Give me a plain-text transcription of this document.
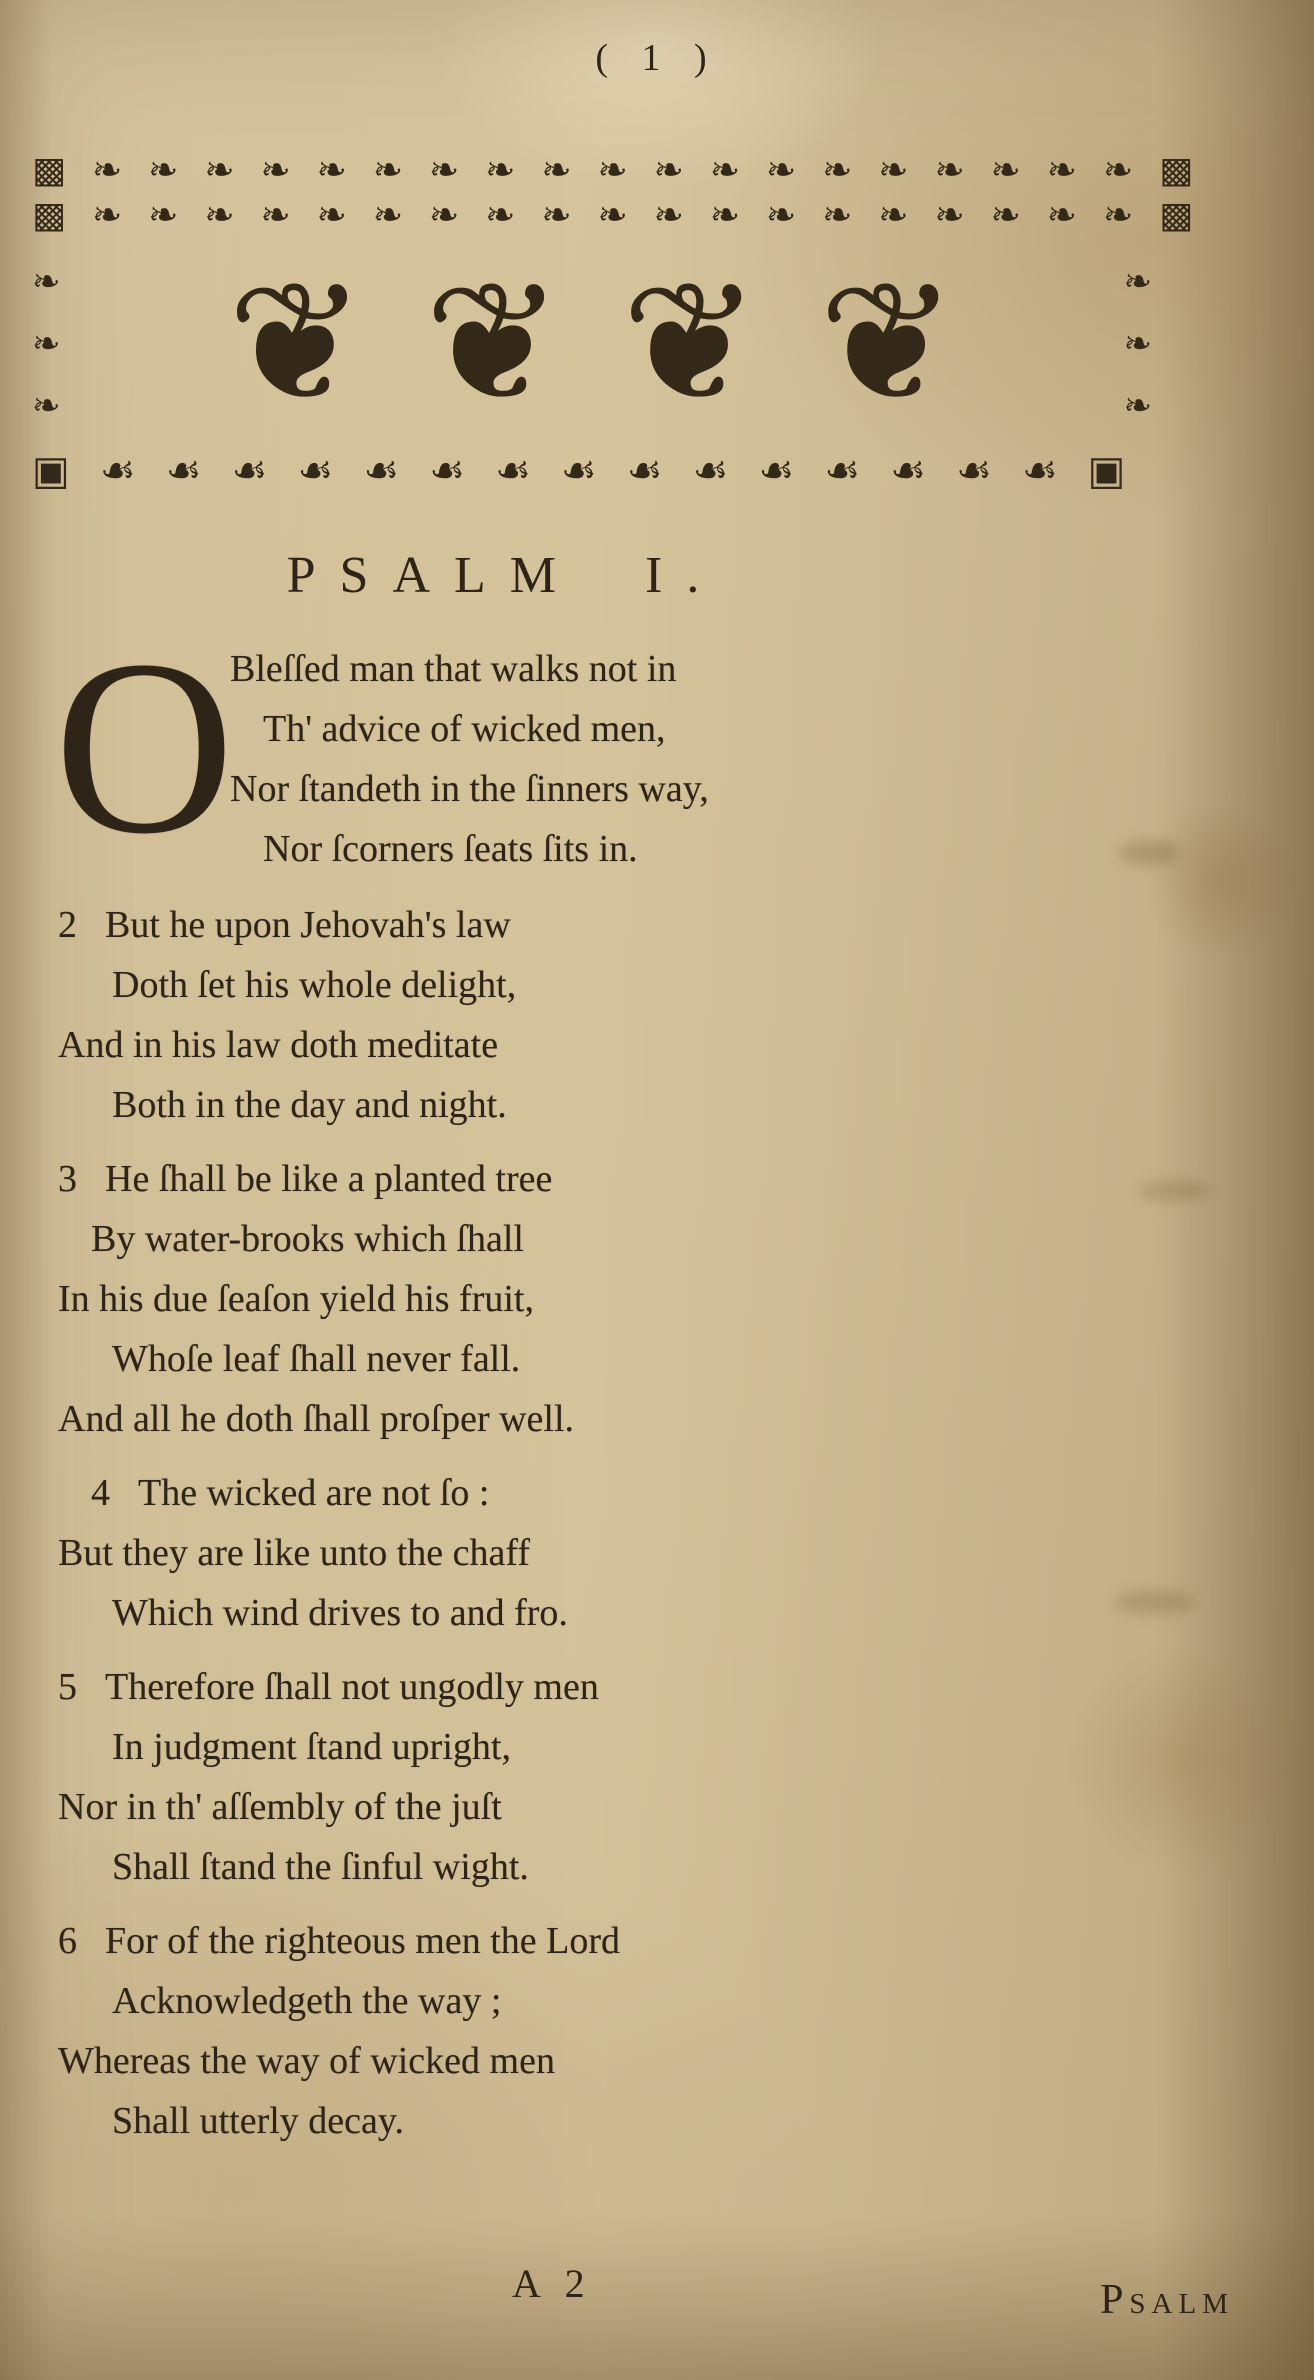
( 1 )
▩❧❧❧❧❧❧❧❧❧❧❧❧❧❧❧❧❧❧❧▩
▩❧❧❧❧❧❧❧❧❧❧❧❧❧❧❧❧❧❧❧▩
❧
❧
❧	❦❦❦❦	❧
❧
❧
▣☙☙☙☙☙☙☙☙☙☙☙☙☙☙☙▣
PSALM I.
O
Bleſſed man that walks not in
Th' advice of wicked men,
Nor ſtandeth in the ſinners way,
Nor ſcorners ſeats ſits in.
2 But he upon Jehovah's law
Doth ſet his whole delight,
And in his law doth meditate
Both in the day and night.
3 He ſhall be like a planted tree
By water-brooks which ſhall
In his due ſeaſon yield his fruit,
Whoſe leaf ſhall never fall.
And all he doth ſhall proſper well.
4 The wicked are not ſo :
But they are like unto the chaff
Which wind drives to and fro.
5 Therefore ſhall not ungodly men
In judgment ſtand upright,
Nor in th' aſſembly of the juſt
Shall ſtand the ſinful wight.
6 For of the righteous men the Lord
Acknowledgeth the way ;
Whereas the way of wicked men
Shall utterly decay.
A 2	Psalm
